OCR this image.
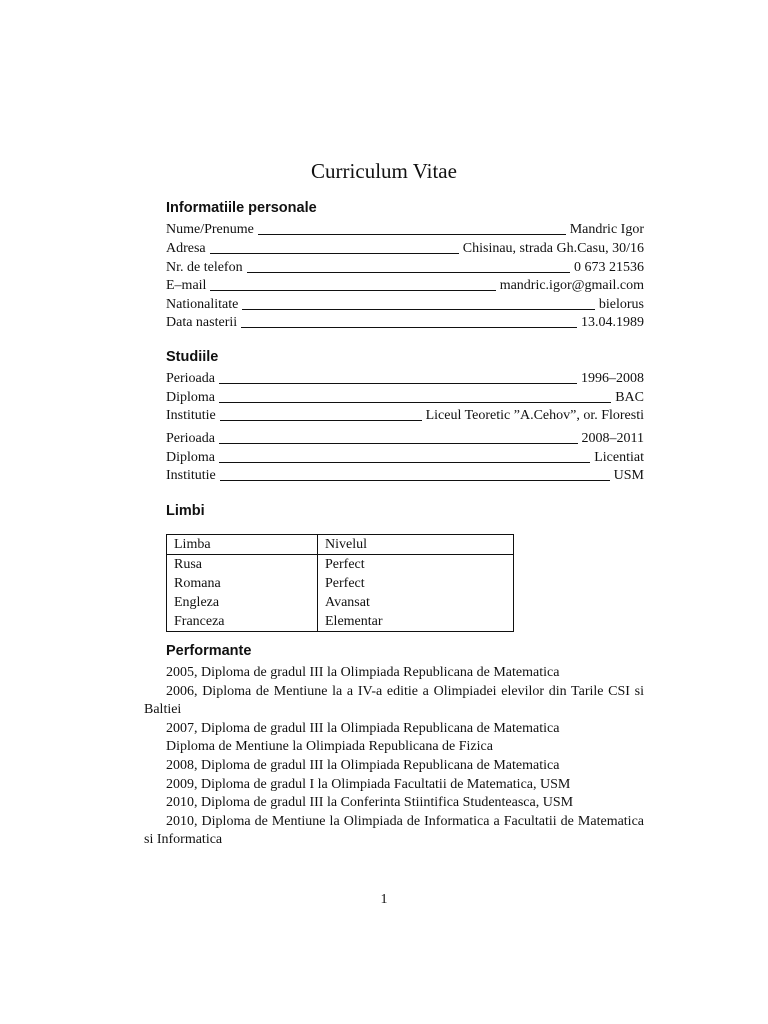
Curriculum Vitae
Informatiile personale
Nume/Prenume	Mandric Igor
Adresa	Chisinau, strada Gh.Casu, 30/16
Nr. de telefon	0 673 21536
E–mail	mandric.igor@gmail.com
Nationalitate	bielorus
Data nasterii	13.04.1989
Studiile
Perioada	1996–2008
Diploma	BAC
Institutie	Liceul Teoretic ”A.Cehov”, or. Floresti
Perioada	2008–2011
Diploma	Licentiat
Institutie	USM
Limbi
Limba	Nivelul
Rusa	Perfect
Romana	Perfect
Engleza	Avansat
Franceza	Elementar
Performante

2005, Diploma de gradul III la Olimpiada Republicana de Matematica

2006, Diploma de Mentiune la a IV-a editie a Olimpiadei elevilor din Tarile CSI si Baltiei

2007, Diploma de gradul III la Olimpiada Republicana de Matematica

Diploma de Mentiune la Olimpiada Republicana de Fizica

2008, Diploma de gradul III la Olimpiada Republicana de Matematica

2009, Diploma de gradul I la Olimpiada Facultatii de Matematica, USM

2010, Diploma de gradul III la Conferinta Stiintifica Studenteasca, USM

2010, Diploma de Mentiune la Olimpiada de Informatica a Facultatii de Matematica si Informatica

1
